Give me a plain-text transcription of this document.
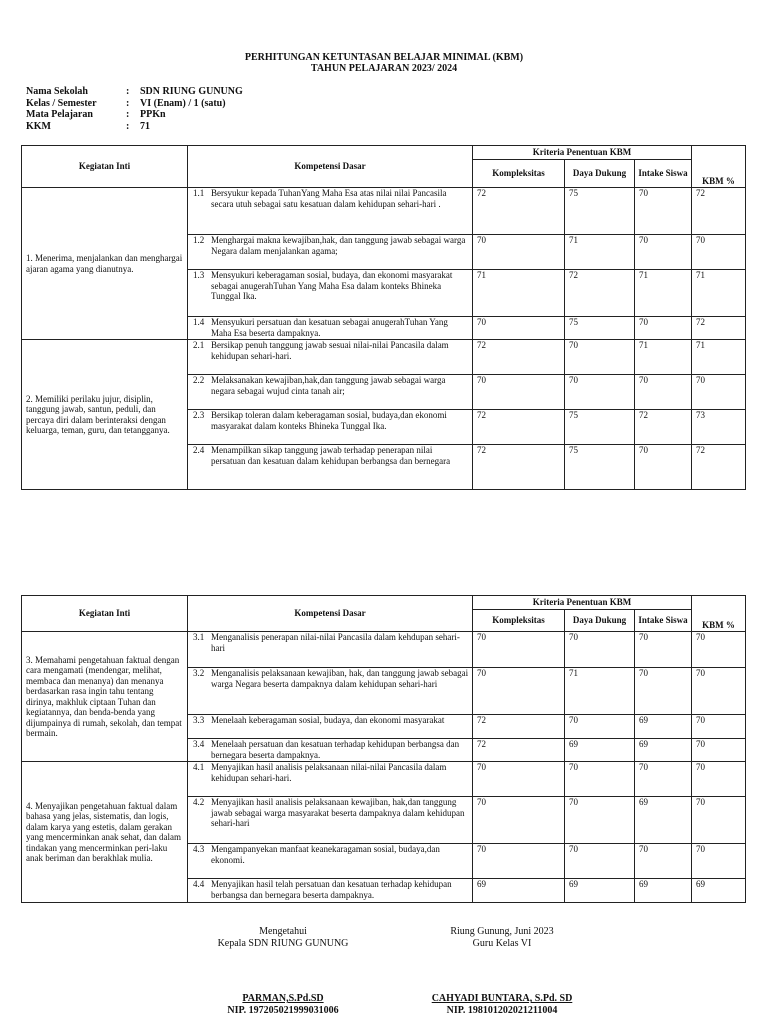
PERHITUNGAN KETUNTASAN BELAJAR MINIMAL (KBM)
TAHUN PELAJARAN 2023/ 2024
Nama Sekolah	:	SDN RIUNG GUNUNG
Kelas / Semester	:	VI (Enam) / 1 (satu)
Mata Pelajaran	:	PPKn
KKM	:	71
Kegiatan Inti	Kompetensi Dasar	Kriteria Penentuan KBM			KBM %
		Kompleksitas	Daya Dukung	Intake Siswa	
1. Menerima, menjalankan dan menghargai ajaran agama yang dianutnya.	1.1 Bersyukur kepada TuhanYang Maha Esa atas nilai nilai Pancasila secara utuh sebagai satu kesatuan dalam kehidupan sehari-hari .	72	75	70	72

	1.2 Menghargai makna kewajiban,hak, dan tanggung jawab sebagai warga Negara dalam menjalankan agama;	70	71	70	70

	1.3 Mensyukuri keberagaman sosial, budaya, dan ekonomi masyarakat sebagai anugerahTuhan Yang Maha Esa dalam konteks Bhineka Tunggal Ika.	71	72	71	71

	1.4 Mensyukuri persatuan dan kesatuan sebagai anugerahTuhan Yang Maha Esa beserta dampaknya.	70	75	70	72
2. Memiliki perilaku jujur, disiplin, tanggung jawab, santun, peduli, dan percaya diri dalam berinteraksi dengan keluarga, teman, guru, dan tetangganya.	2.1 Bersikap penuh tanggung jawab sesuai nilai-nilai Pancasila dalam kehidupan sehari-hari.	72	70	71	71

	2.2 Melaksanakan kewajiban,hak,dan tanggung jawab sebagai warga negara sebagai wujud cinta tanah air;	70	70	70	70

	2.3 Bersikap toleran dalam keberagaman sosial, budaya,dan ekonomi masyarakat dalam konteks Bhineka Tunggal Ika.	72	75	72	73

	2.4 Menampilkan sikap tanggung jawab terhadap penerapan nilai persatuan dan kesatuan dalam kehidupan berbangsa dan bernegara	72	75	70	72
Kegiatan Inti	Kompetensi Dasar	Kriteria Penentuan KBM			KBM %
		Kompleksitas	Daya Dukung	Intake Siswa	
3. Memahami pengetahuan faktual dengan cara mengamati (mendengar, melihat, membaca dan menanya) dan menanya berdasarkan rasa ingin tahu tentang dirinya, makhluk ciptaan Tuhan dan kegiatannya, dan benda-benda yang dijumpainya di rumah, sekolah, dan tempat bermain.	3.1 Menganalisis penerapan nilai-nilai Pancasila dalam kehdupan sehari-hari	70	70	70	70

	3.2 Menganalisis pelaksanaan kewajiban, hak, dan tanggung jawab sebagai warga Negara beserta dampaknya dalam kehidupan sehari-hari	70	71	70	70

	3.3 Menelaah keberagaman sosial, budaya, dan ekonomi masyarakat	72	70	69	70

	3.4 Menelaah persatuan dan kesatuan terhadap kehidupan berbangsa dan bernegara beserta dampaknya.	72	69	69	70
4. Menyajikan pengetahuan faktual dalam bahasa yang jelas, sistematis, dan logis, dalam karya yang estetis, dalam gerakan yang mencerminkan anak sehat, dan dalam tindakan yang mencerminkan peri-laku anak beriman dan berakhlak mulia.	4.1 Menyajikan hasil analisis pelaksanaan nilai-nilai Pancasila dalam kehidupan sehari-hari.	70	70	70	70

	4.2 Menyajikan hasil analisis pelaksanaan kewajiban, hak,dan tanggung jawab sebagai warga masyarakat beserta dampaknya dalam kehidupan sehari-hari	70	70	69	70

	4.3 Mengampanyekan manfaat keanekaragaman sosial, budaya,dan ekonomi.	70	70	70	70

	4.4 Menyajikan hasil telah persatuan dan kesatuan terhadap kehidupan berbangsa dan bernegara beserta dampaknya.	69	69	69	69
Mengetahui
Kepala SDN RIUNG GUNUNG
PARMAN,S.Pd.SD
NIP. 197205021999031006
Riung Gunung, Juni 2023
Guru Kelas VI
CAHYADI BUNTARA, S.Pd. SD
NIP. 198101202021211004
